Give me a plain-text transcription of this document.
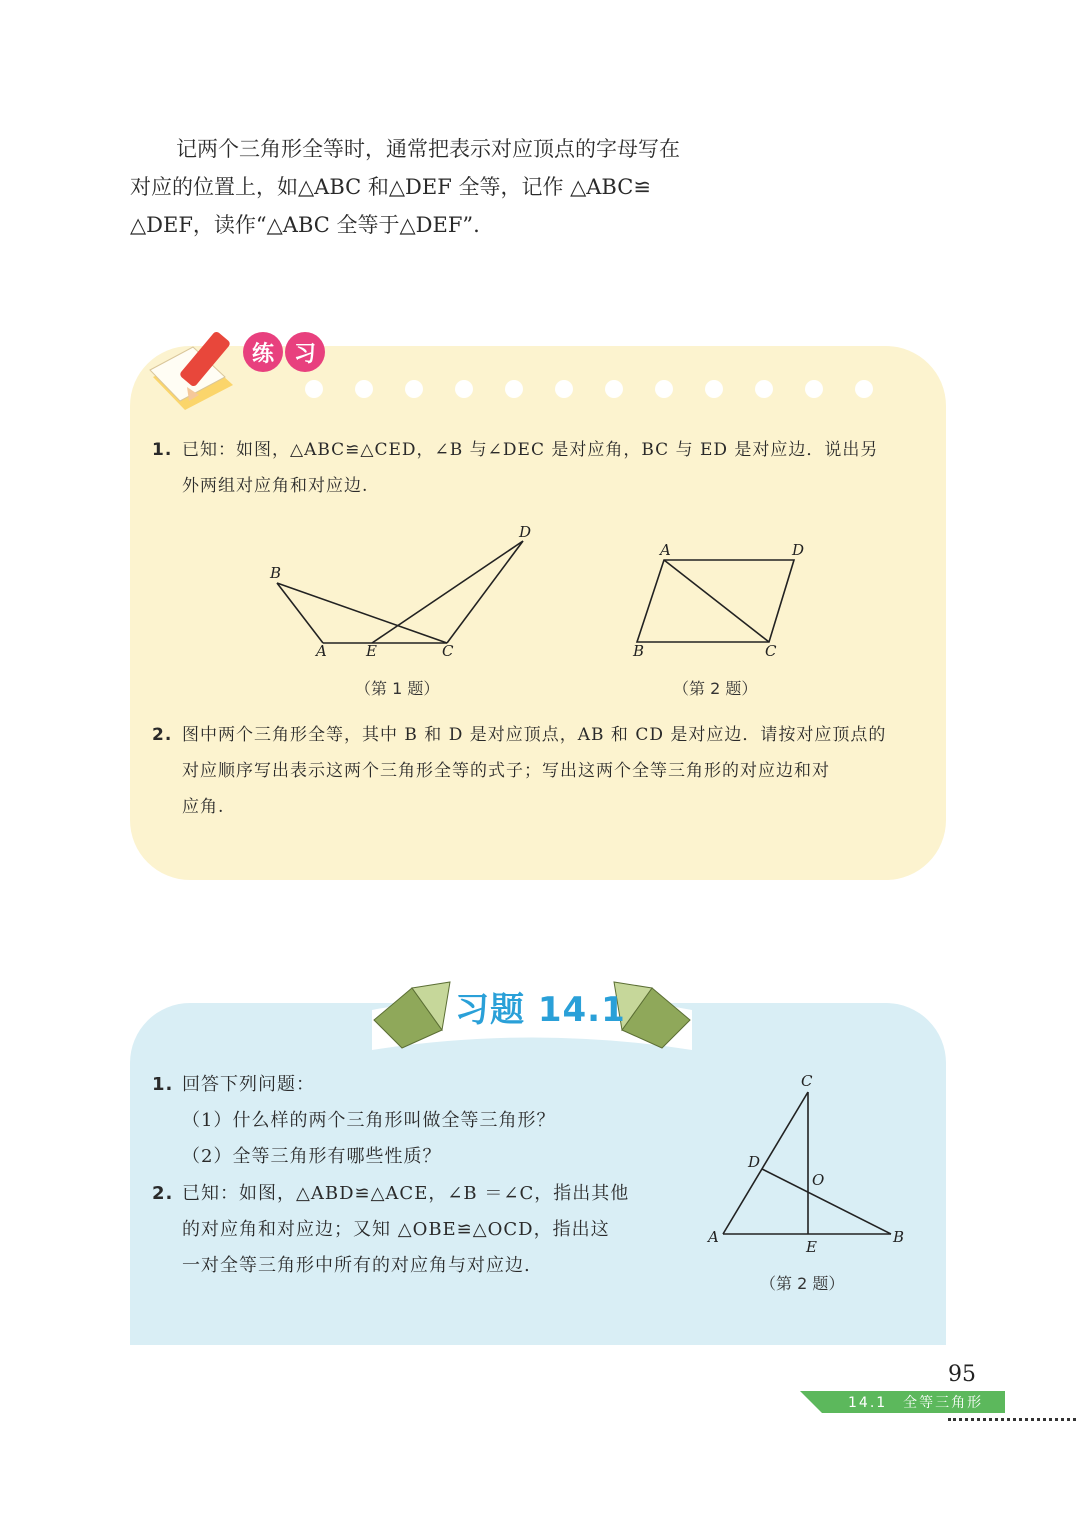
记两个三角形全等时，通常把表示对应顶点的字母写在

对应的位置上，如△ABC 和△DEF 全等，记作 △ABC≌

△DEF，读作“△ABC 全等于△DEF”.

练 习
1. 已知：如图，△ABC≌△CED，∠B 与∠DEC 是对应角，BC 与 ED 是对应边．说出另
外两组对应角和对应边.
B
A	E	C
D
（第 1 题）
A	D
B	C
（第 2 题）
2. 图中两个三角形全等，其中 B 和 D 是对应顶点，AB 和 CD 是对应边．请按对应顶点的
对应顺序写出表示这两个三角形全等的式子；写出这两个全等三角形的对应边和对
应角.
习题 14.1
1. 回答下列问题：
（1）什么样的两个三角形叫做全等三角形？
（2）全等三角形有哪些性质？
2. 已知：如图，△ABD≌△ACE，∠B ＝∠C，指出其他
的对应角和对应边；又知 △OBE≌△OCD，指出这
一对全等三角形中所有的对应角与对应边.
C
D
O
A
E
B
（第 2 题）
95
14.1　全等三角形
